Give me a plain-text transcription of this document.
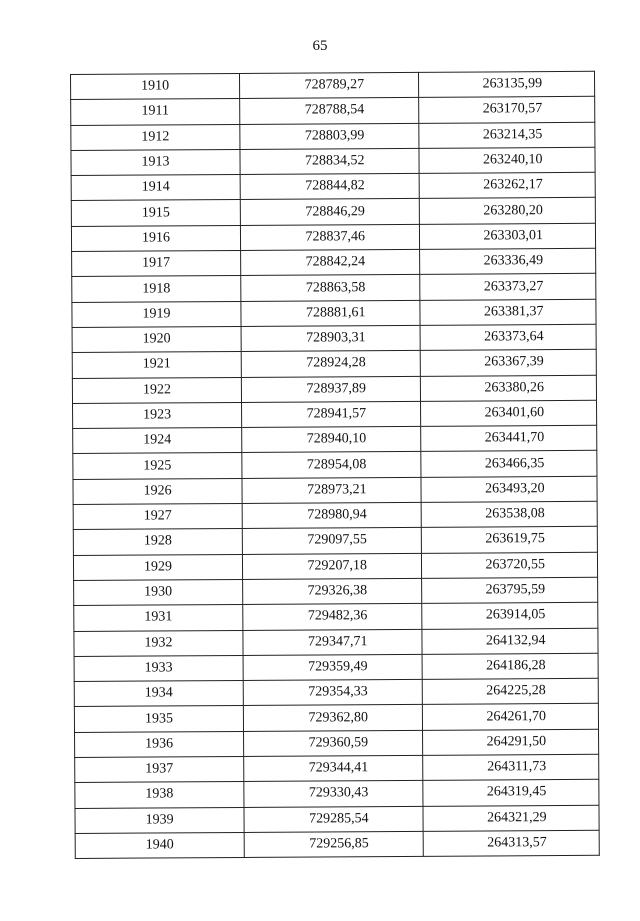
65
1910	728789,27	263135,99
1911	728788,54	263170,57
1912	728803,99	263214,35
1913	728834,52	263240,10
1914	728844,82	263262,17
1915	728846,29	263280,20
1916	728837,46	263303,01
1917	728842,24	263336,49
1918	728863,58	263373,27
1919	728881,61	263381,37
1920	728903,31	263373,64
1921	728924,28	263367,39
1922	728937,89	263380,26
1923	728941,57	263401,60
1924	728940,10	263441,70
1925	728954,08	263466,35
1926	728973,21	263493,20
1927	728980,94	263538,08
1928	729097,55	263619,75
1929	729207,18	263720,55
1930	729326,38	263795,59
1931	729482,36	263914,05
1932	729347,71	264132,94
1933	729359,49	264186,28
1934	729354,33	264225,28
1935	729362,80	264261,70
1936	729360,59	264291,50
1937	729344,41	264311,73
1938	729330,43	264319,45
1939	729285,54	264321,29
1940	729256,85	264313,57
